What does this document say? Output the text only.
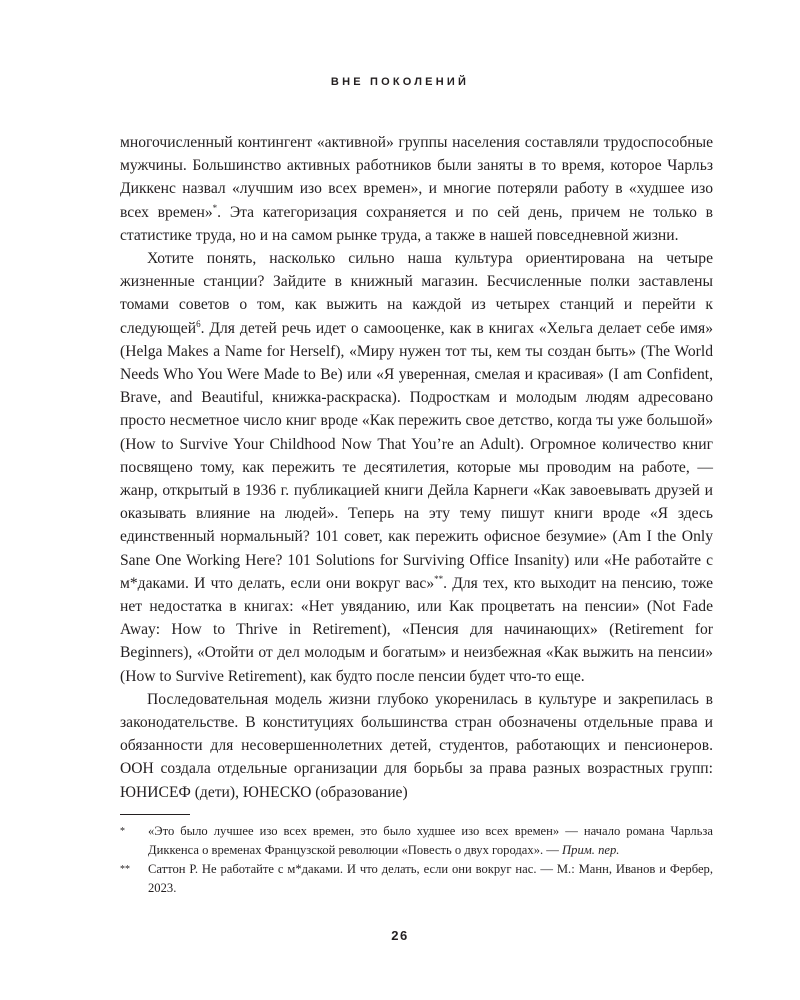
ВНЕ ПОКОЛЕНИЙ

многочисленный контингент «активной» группы населения составляли трудоспособные мужчины. Большинство активных работников были заняты в то время, которое Чарльз Диккенс назвал «лучшим изо всех времен», и многие потеряли работу в «худшее изо всех времен»*. Эта категоризация сохраняется и по сей день, причем не только в статистике труда, но и на самом рынке труда, а также в нашей повседневной жизни.

Хотите понять, насколько сильно наша культура ориентирована на четыре жизненные станции? Зайдите в книжный магазин. Бесчисленные полки заставлены томами советов о том, как выжить на каждой из четырех станций и перейти к следующей$^6$. Для детей речь идет о самооценке, как в книгах «Хельга делает себе имя» (Helga Makes a Name for Herself), «Миру нужен тот ты, кем ты создан быть» (The World Needs Who You Were Made to Be) или «Я уверенная, смелая и красивая» (I am Confident, Brave, and Beautiful, книжка-раскраска). Подросткам и молодым людям адресовано просто несметное число книг вроде «Как пережить свое детство, когда ты уже большой» (How to Survive Your Childhood Now That You’re an Adult). Огромное количество книг посвящено тому, как пережить те десятилетия, которые мы проводим на работе, — жанр, открытый в 1936 г. публикацией книги Дейла Карнеги «Как завоевывать друзей и оказывать влияние на людей». Теперь на эту тему пишут книги вроде «Я здесь единственный нормальный? 101 совет, как пережить офисное безумие» (Am I the Only Sane One Working Here? 101 Solutions for Surviving Office Insanity) или «Не работайте с м*даками. И что делать, если они вокруг вас»**. Для тех, кто выходит на пенсию, тоже нет недостатка в книгах: «Нет увяданию, или Как процветать на пенсии» (Not Fade Away: How to Thrive in Retirement), «Пенсия для начинающих» (Retirement for Beginners), «Отойти от дел молодым и богатым» и неизбежная «Как выжить на пенсии» (How to Survive Retirement), как будто после пенсии будет что-то еще.

Последовательная модель жизни глубоко укоренилась в культуре и закрепилась в законодательстве. В конституциях большинства стран обозначены отдельные права и обязанности для несовершеннолетних детей, студентов, работающих и пенсионеров. ООН создала отдельные организации для борьбы за права разных возрастных групп: ЮНИСЕФ (дети), ЮНЕСКО (образование)

* «Это было лучшее изо всех времен, это было худшее изо всех времен» — начало романа Чарльза Диккенса о временах Французской революции «Повесть о двух городах». — Прим. пер.

** Саттон Р. Не работайте с м*даками. И что делать, если они вокруг нас. — М.: Манн, Иванов и Фербер, 2023.

26
